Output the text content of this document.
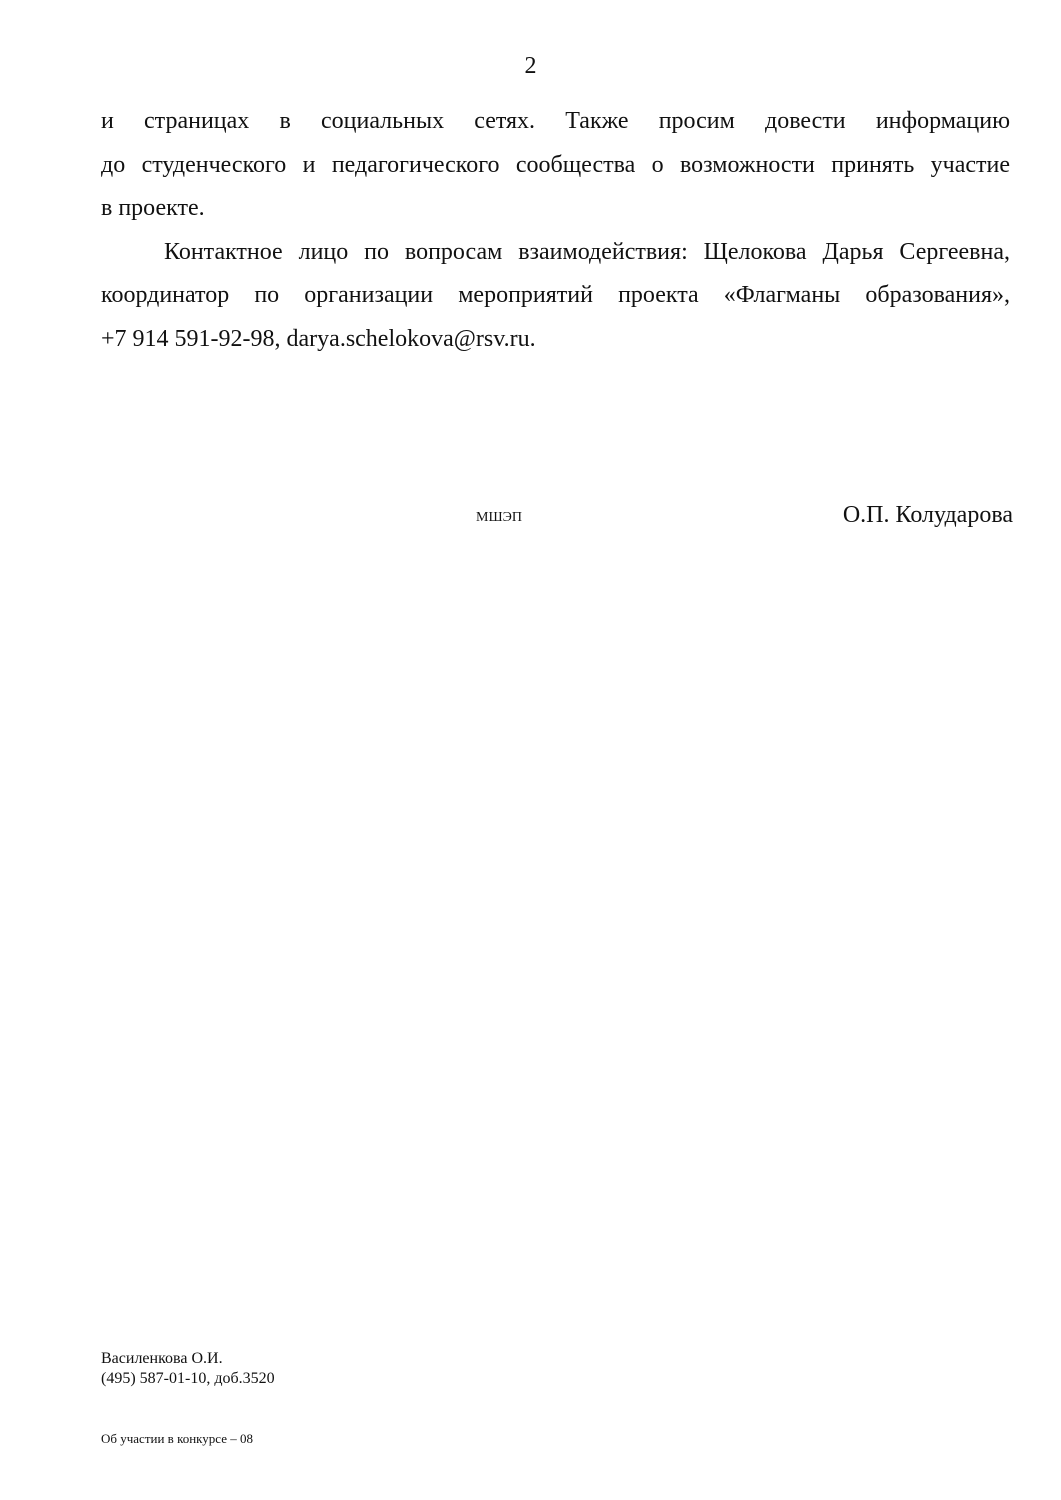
2

и страницах в социальных сетях. Также просим довести информацию
до студенческого и педагогического сообщества о возможности принять участие
в проекте.

Контактное лицо по вопросам взаимодействия: Щелокова Дарья Сергеевна,
координатор по организации мероприятий проекта «Флагманы образования»,
+7 914 591-92-98, darya.schelokova@rsv.ru.

МШЭП	О.П. Колударова
Василенкова О.И.
(495) 587-01-10, доб.3520
Об участии в конкурсе – 08
